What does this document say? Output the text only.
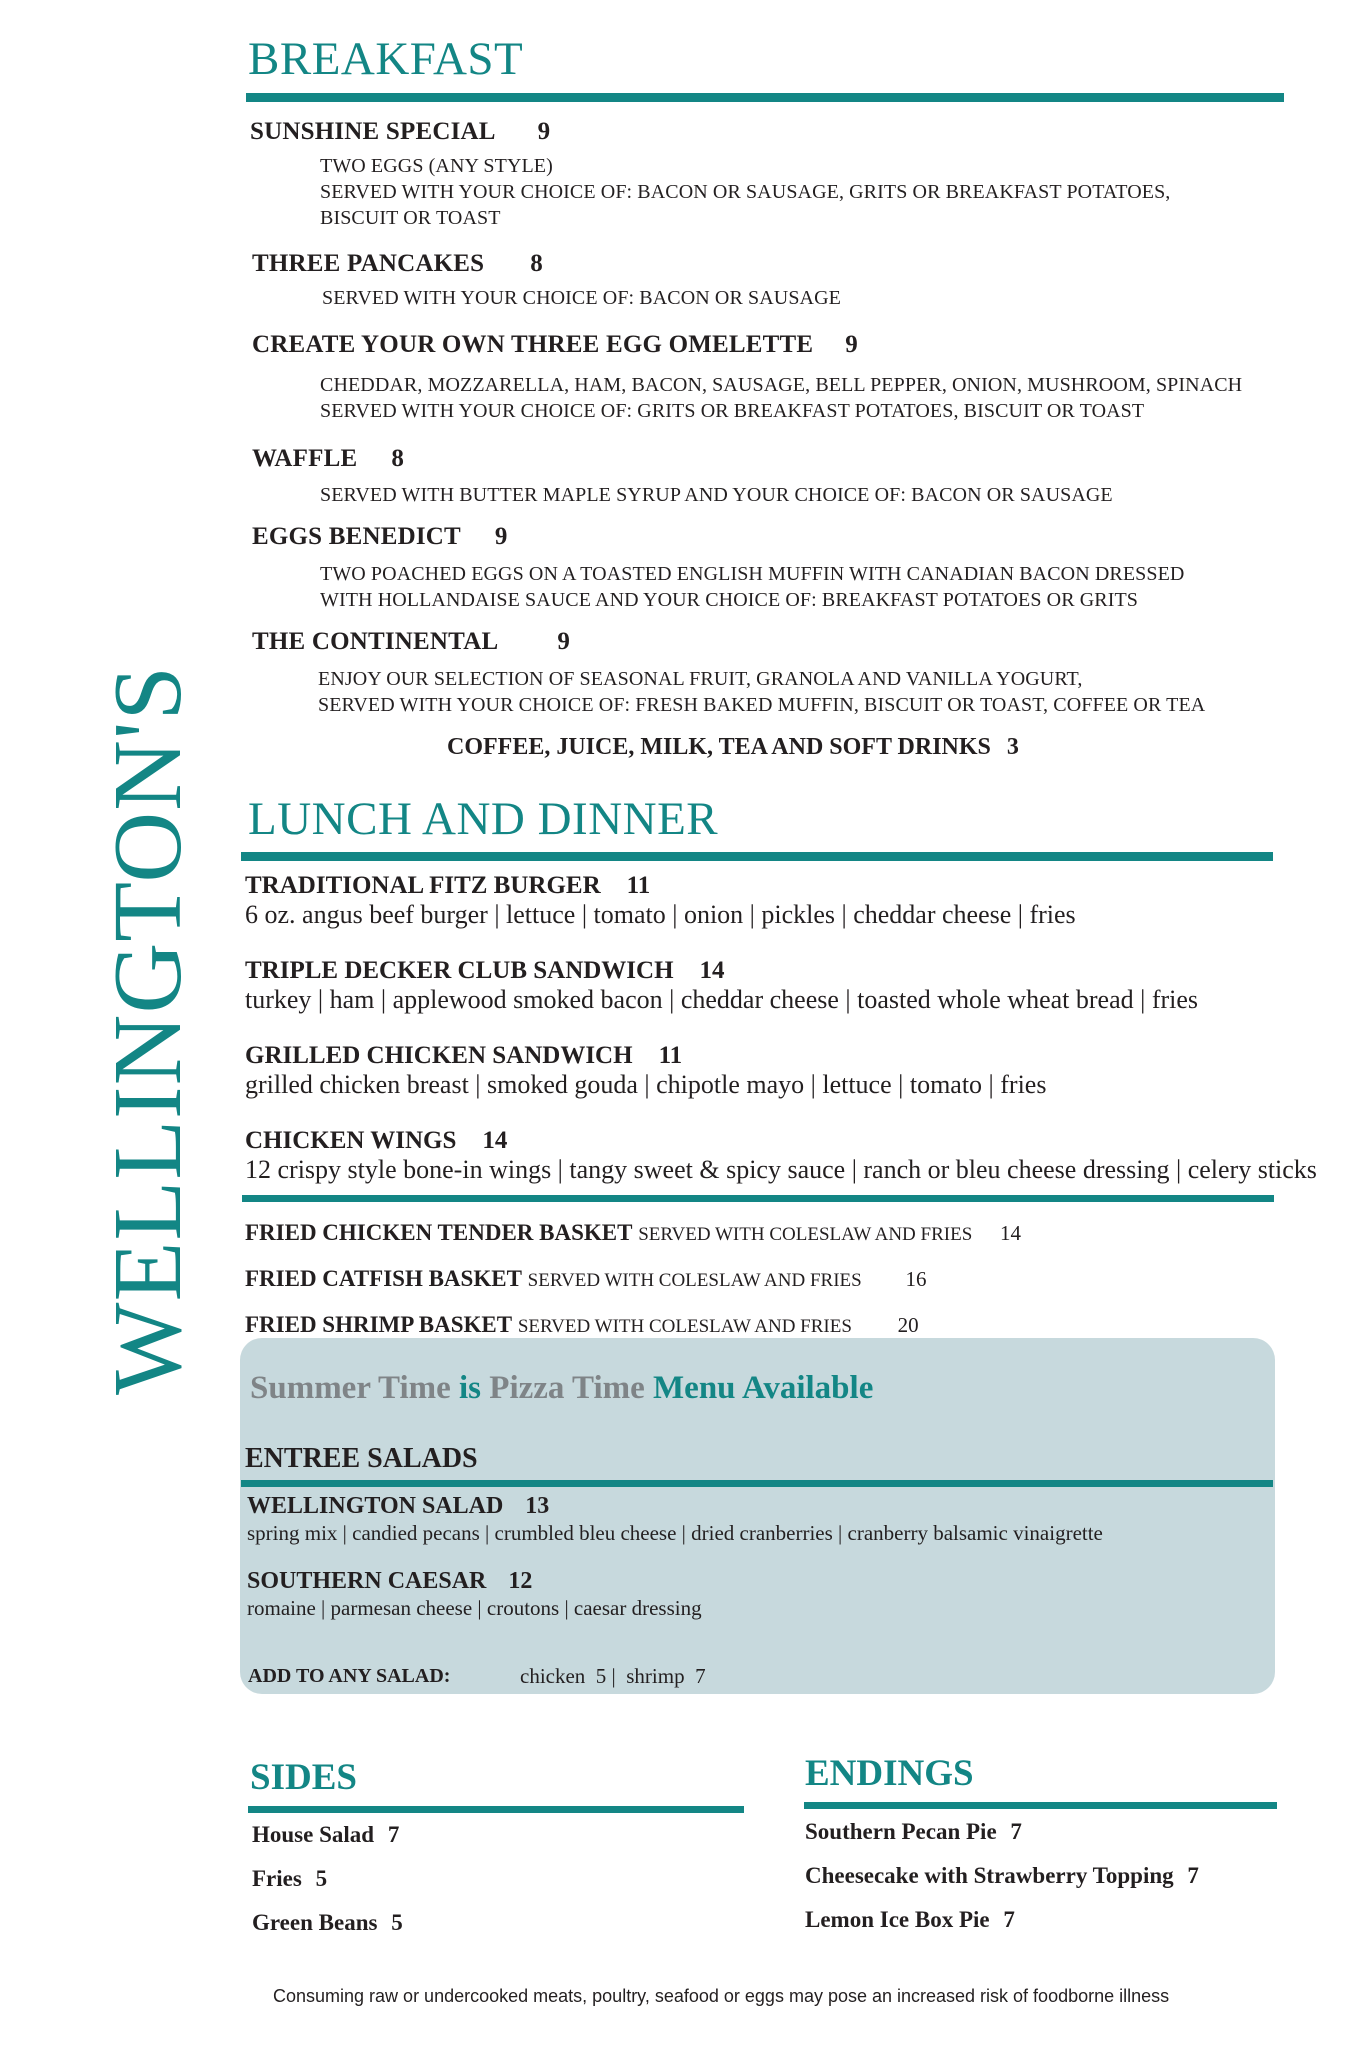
WELLINGTON'S
BREAKFAST
SUNSHINE SPECIAL 9
TWO EGGS (ANY STYLE)
SERVED WITH YOUR CHOICE OF: BACON OR SAUSAGE, GRITS OR BREAKFAST POTATOES,
BISCUIT OR TOAST
THREE PANCAKES 8
SERVED WITH YOUR CHOICE OF: BACON OR SAUSAGE
CREATE YOUR OWN THREE EGG OMELETTE 9
CHEDDAR, MOZZARELLA, HAM, BACON, SAUSAGE, BELL PEPPER, ONION, MUSHROOM, SPINACH
SERVED WITH YOUR CHOICE OF: GRITS OR BREAKFAST POTATOES, BISCUIT OR TOAST
WAFFLE 8
SERVED WITH BUTTER MAPLE SYRUP AND YOUR CHOICE OF: BACON OR SAUSAGE
EGGS BENEDICT 9
TWO POACHED EGGS ON A TOASTED ENGLISH MUFFIN WITH CANADIAN BACON DRESSED
WITH HOLLANDAISE SAUCE AND YOUR CHOICE OF: BREAKFAST POTATOES OR GRITS
THE CONTINENTAL 9
ENJOY OUR SELECTION OF SEASONAL FRUIT, GRANOLA AND VANILLA YOGURT,
SERVED WITH YOUR CHOICE OF: FRESH BAKED MUFFIN, BISCUIT OR TOAST, COFFEE OR TEA
COFFEE, JUICE, MILK, TEA AND SOFT DRINKS 3
LUNCH AND DINNER
TRADITIONAL FITZ BURGER 11
6 oz. angus beef burger | lettuce | tomato | onion | pickles | cheddar cheese | fries
TRIPLE DECKER CLUB SANDWICH 14
turkey | ham | applewood smoked bacon | cheddar cheese | toasted whole wheat bread | fries
GRILLED CHICKEN SANDWICH 11
grilled chicken breast | smoked gouda | chipotle mayo | lettuce | tomato | fries
CHICKEN WINGS 14
12 crispy style bone-in wings | tangy sweet & spicy sauce | ranch or bleu cheese dressing | celery sticks
FRIED CHICKEN TENDER BASKET SERVED WITH COLESLAW AND FRIES 14
FRIED CATFISH BASKET SERVED WITH COLESLAW AND FRIES 16
FRIED SHRIMP BASKET SERVED WITH COLESLAW AND FRIES 20
Summer Time is Pizza Time Menu Available
ENTREE SALADS
WELLINGTON SALAD 13
spring mix | candied pecans | crumbled bleu cheese | dried cranberries | cranberry balsamic vinaigrette
SOUTHERN CAESAR 12
romaine | parmesan cheese | croutons | caesar dressing
ADD TO ANY SALAD:	chicken  5 |  shrimp  7
SIDES
House Salad 7
Fries 5
Green Beans 5
ENDINGS
Southern Pecan Pie 7
Cheesecake with Strawberry Topping 7
Lemon Ice Box Pie 7
Consuming raw or undercooked meats, poultry, seafood or eggs may pose an increased risk of foodborne illness
